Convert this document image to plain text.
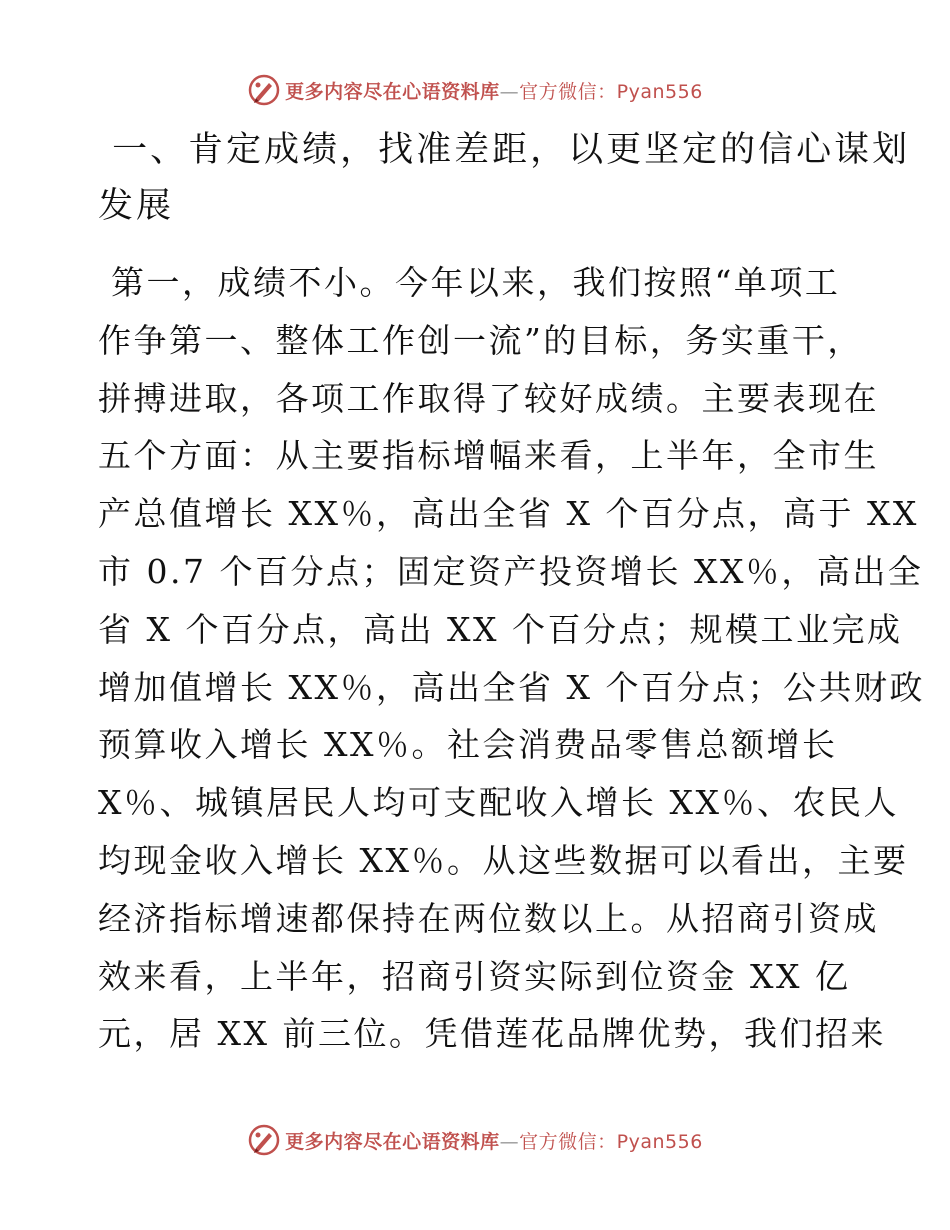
更多内容尽在心语资料库—官方微信：Pyan556
一、肯定成绩，找准差距，以更坚定的信心谋划
发展
第一，成绩不小。今年以来，我们按照“单项工
作争第一、整体工作创一流”的目标，务实重干，
拼搏进取，各项工作取得了较好成绩。主要表现在
五个方面：从主要指标增幅来看，上半年，全市生
产总值增长 XX％，高出全省 X 个百分点，高于 XX
市 0.7 个百分点；固定资产投资增长 XX％，高出全
省 X 个百分点，高出 XX 个百分点；规模工业完成
增加值增长 XX％，高出全省 X 个百分点；公共财政
预算收入增长 XX％。社会消费品零售总额增长
X％、城镇居民人均可支配收入增长 XX％、农民人
均现金收入增长 XX％。从这些数据可以看出，主要
经济指标增速都保持在两位数以上。从招商引资成
效来看，上半年，招商引资实际到位资金 XX 亿
元，居 XX 前三位。凭借莲花品牌优势，我们招来
更多内容尽在心语资料库—官方微信：Pyan556
